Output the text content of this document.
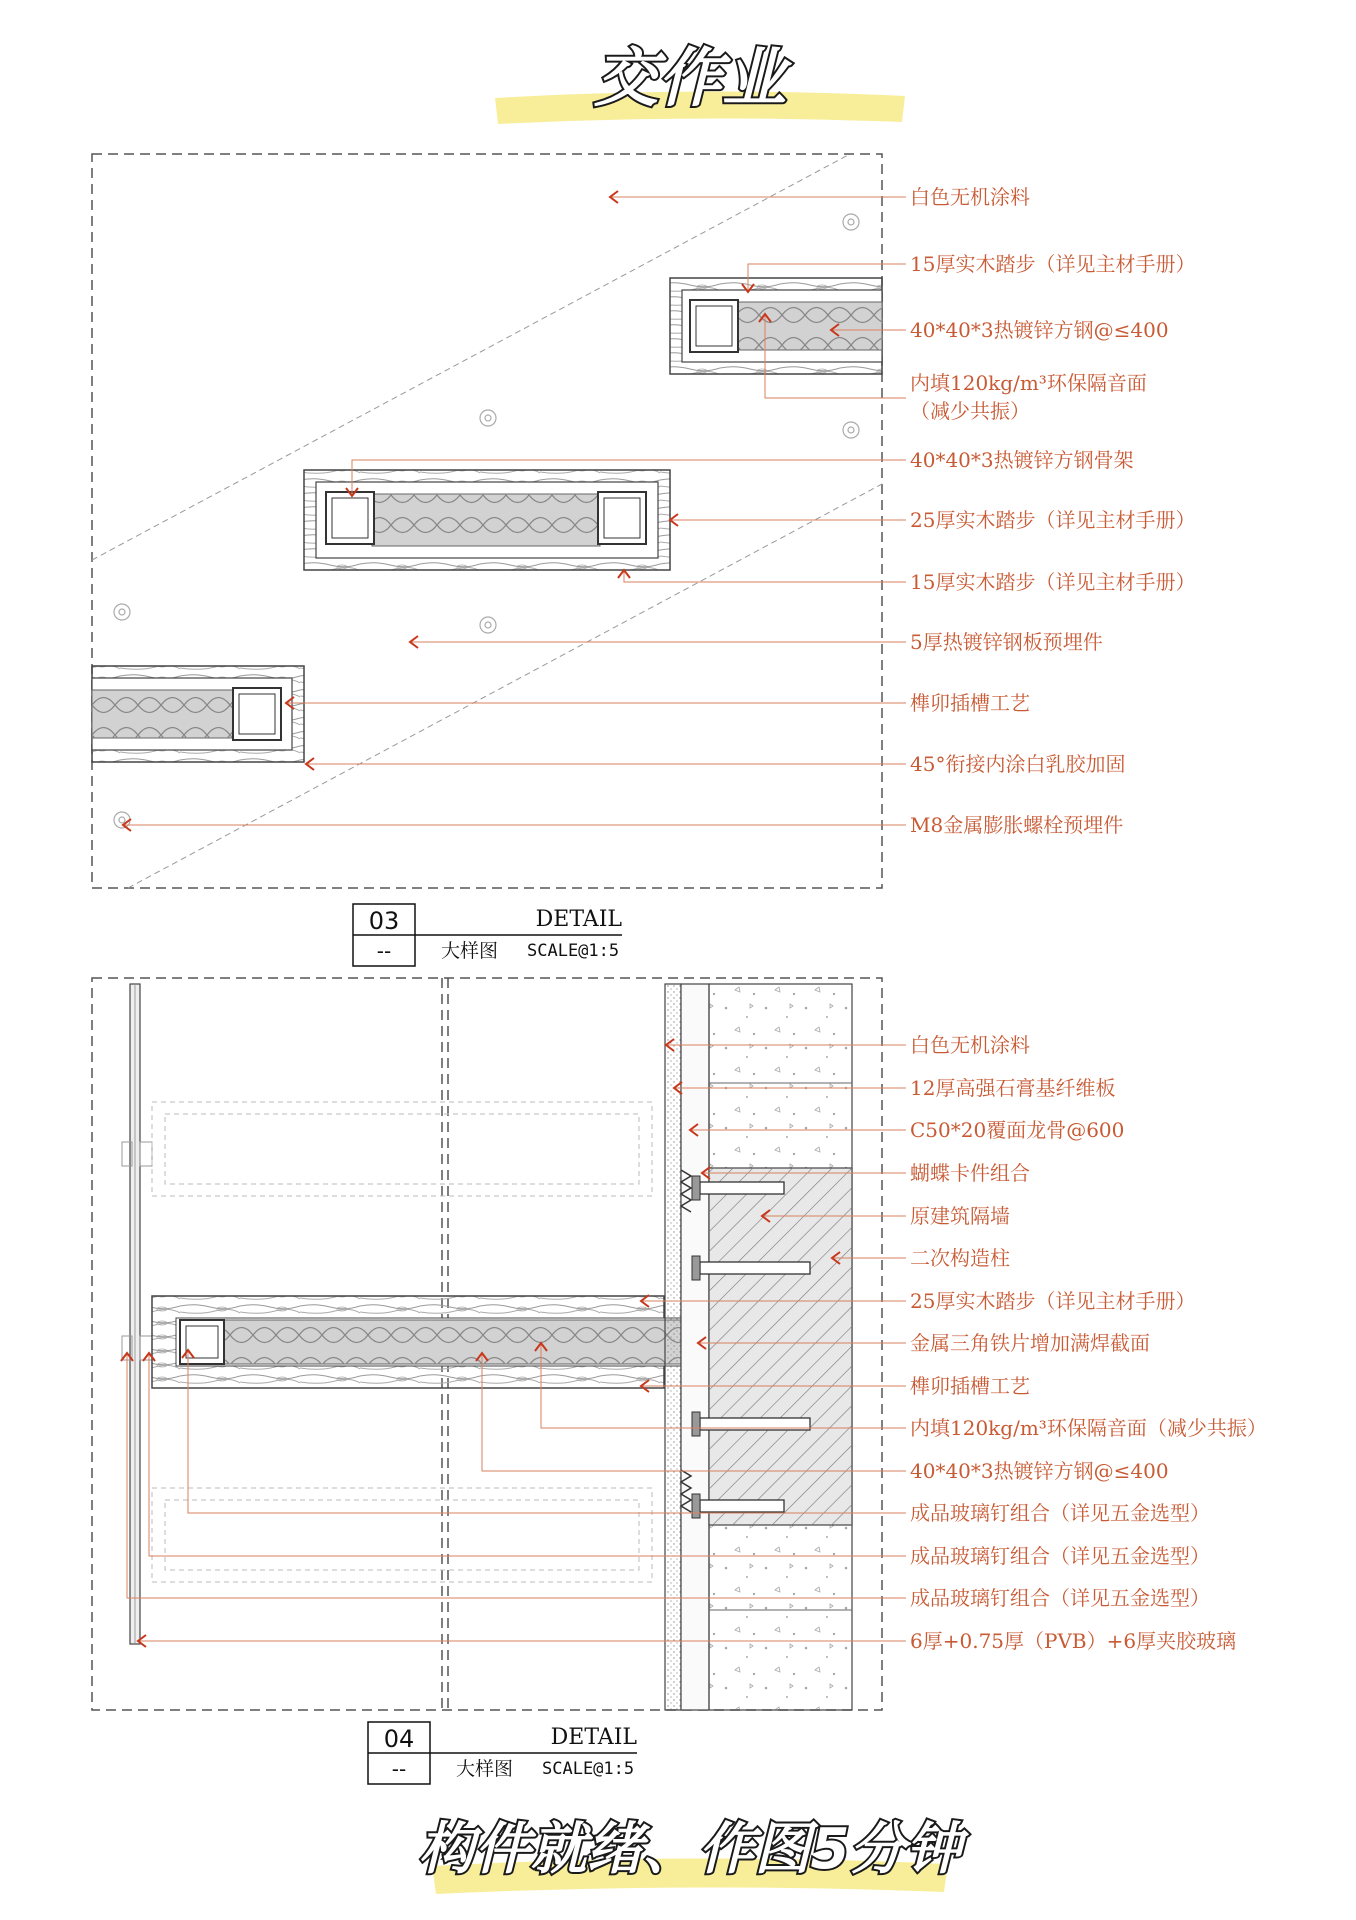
交作业
白色无机涂料
15厚实木踏步（详见主材手册）
40*40*3热镀锌方钢@≤400
内填120kg/m³环保隔音面
（减少共振）
40*40*3热镀锌方钢骨架
25厚实木踏步（详见主材手册）
15厚实木踏步（详见主材手册）
5厚热镀锌钢板预埋件
榫卯插槽工艺
45°衔接内涂白乳胶加固
M8金属膨胀螺栓预埋件
03
--
DETAIL
大样图 SCALE@1:5
白色无机涂料
12厚高强石膏基纤维板
C50*20覆面龙骨@600
蝴蝶卡件组合
原建筑隔墙
二次构造柱
25厚实木踏步（详见主材手册）
金属三角铁片增加满焊截面
榫卯插槽工艺
内填120kg/m³环保隔音面（减少共振）
40*40*3热镀锌方钢@≤400
成品玻璃钉组合（详见五金选型）
成品玻璃钉组合（详见五金选型）
成品玻璃钉组合（详见五金选型）
6厚+0.75厚（PVB）+6厚夹胶玻璃
04
--
DETAIL
大样图 SCALE@1:5
构件就绪、作图5分钟
